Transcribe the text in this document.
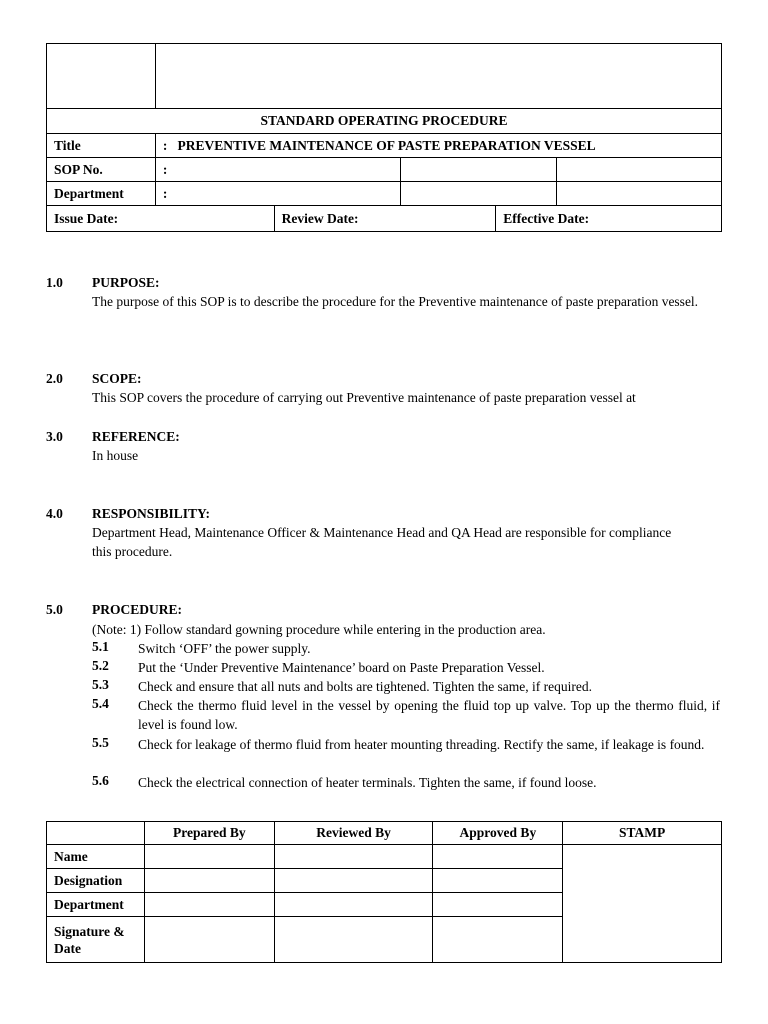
STANDARD OPERATING PROCEDURE					
Title	:   PREVENTIVE MAINTENANCE OF PASTE PREPARATION VESSEL				
SOP No.	:				
Department	:				
Issue Date:		Review Date:		Effective Date:	
1.0 PURPOSE:
The purpose of this SOP is to describe the procedure for the Preventive maintenance of paste preparation vessel.
2.0 SCOPE:
This SOP covers the procedure of carrying out Preventive maintenance of paste preparation vessel at
3.0 REFERENCE:
In house
4.0 RESPONSIBILITY:
Department Head, Maintenance Officer & Maintenance Head and QA Head are responsible for compliance this procedure.
5.0 PROCEDURE:
(Note: 1) Follow standard gowning procedure while entering in the production area.
5.1 Switch ‘OFF’ the power supply.
5.2 Put the ‘Under Preventive Maintenance’ board on Paste Preparation Vessel.
5.3 Check and ensure that all nuts and bolts are tightened. Tighten the same, if required.
5.4 Check the thermo fluid level in the vessel by opening the fluid top up valve. Top up the thermo fluid, if level is found low.
5.5 Check for leakage of thermo fluid from heater mounting threading. Rectify the same, if leakage is found.
5.6 Check the electrical connection of heater terminals. Tighten the same, if found loose.
	Prepared By	Reviewed By	Approved By	STAMP
Name				
Designation				
Department				
Signature & Date				
